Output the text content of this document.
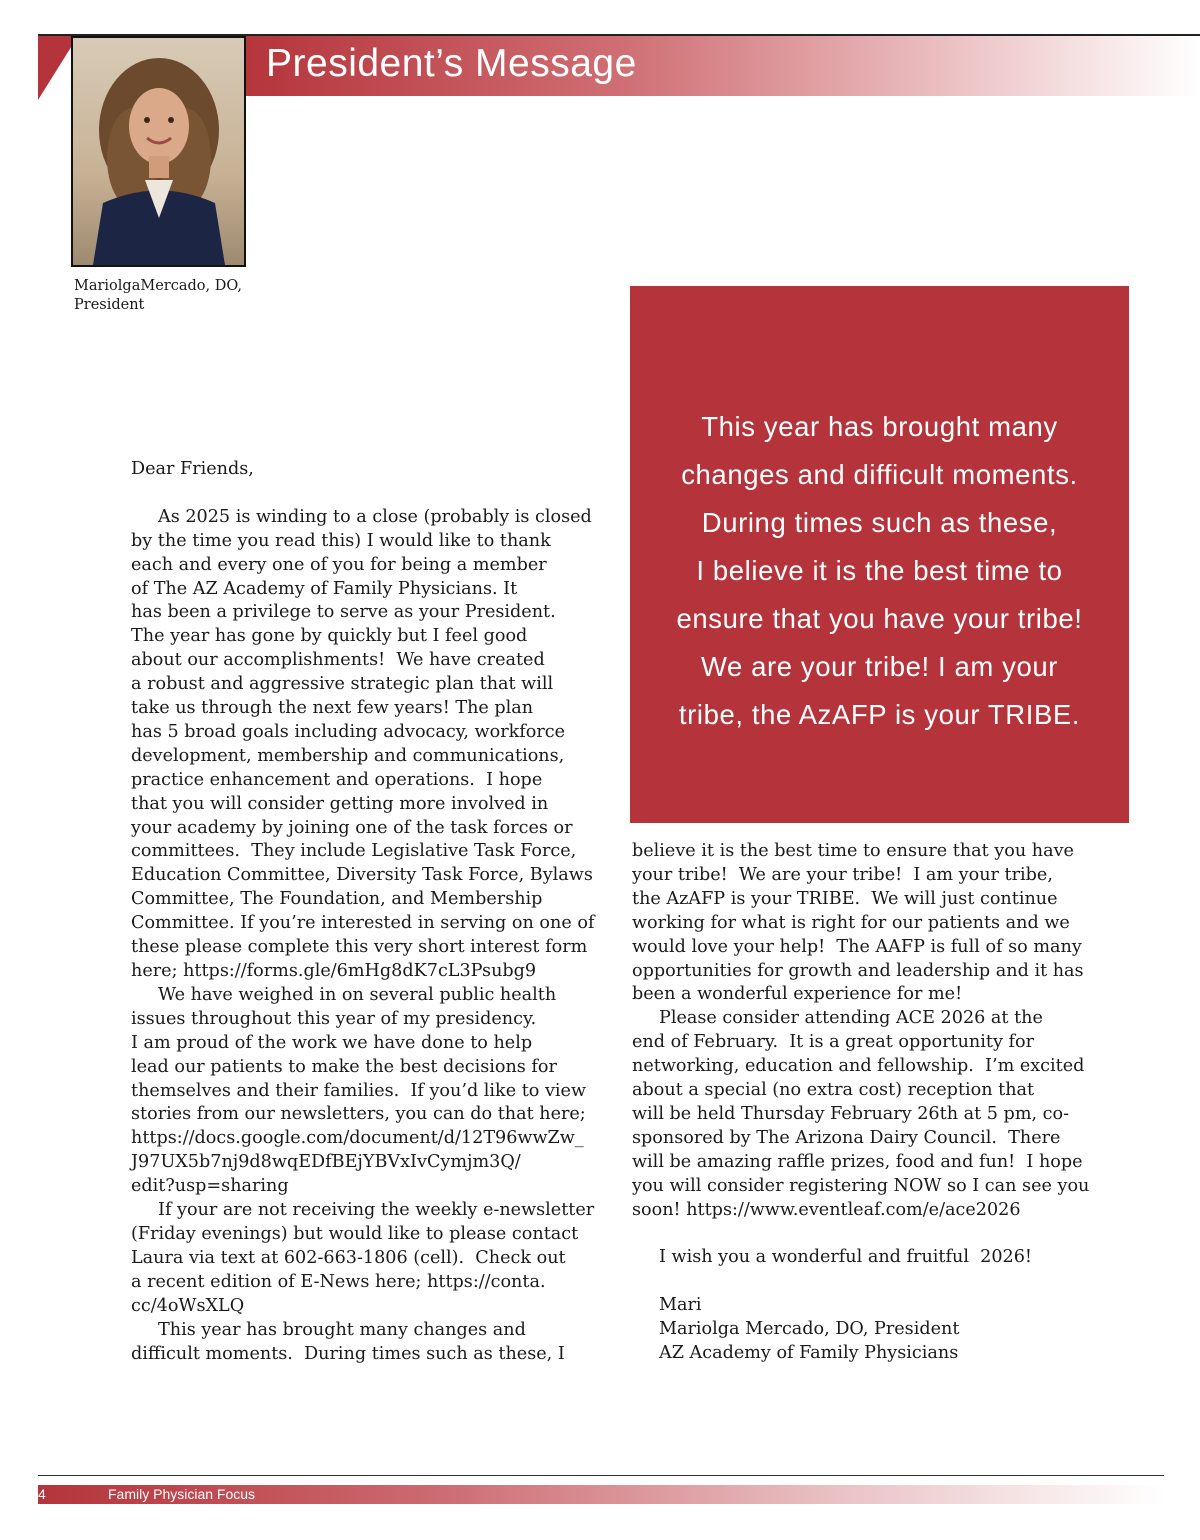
President’s Message
MariolgaMercado, DO,
President
This year has brought many
changes and difficult moments.
During times such as these,
I believe it is the best time to
ensure that you have your tribe!
We are your tribe! I am your
tribe, the AzAFP is your TRIBE.
Dear Friends,
As 2025 is winding to a close (probably is closed
by the time you read this) I would like to thank
each and every one of you for being a member
of The AZ Academy of Family Physicians. It
has been a privilege to serve as your President.
The year has gone by quickly but I feel good
about our accomplishments!  We have created
a robust and aggressive strategic plan that will
take us through the next few years! The plan
has 5 broad goals including advocacy, workforce
development, membership and communications,
practice enhancement and operations.  I hope
that you will consider getting more involved in
your academy by joining one of the task forces or
committees.  They include Legislative Task Force,
Education Committee, Diversity Task Force, Bylaws
Committee, The Foundation, and Membership
Committee. If you’re interested in serving on one of
these please complete this very short interest form
here; https://forms.gle/6mHg8dK7cL3Psubg9
We have weighed in on several public health
issues throughout this year of my presidency.
I am proud of the work we have done to help
lead our patients to make the best decisions for
themselves and their families.  If you’d like to view
stories from our newsletters, you can do that here;
https://docs.google.com/document/d/12T96wwZw_
J97UX5b7nj9d8wqEDfBEjYBVxIvCymjm3Q/
edit?usp=sharing
If your are not receiving the weekly e-newsletter
(Friday evenings) but would like to please contact
Laura via text at 602-663-1806 (cell).  Check out
a recent edition of E-News here; https://conta.
cc/4oWsXLQ
This year has brought many changes and
difficult moments.  During times such as these, I
believe it is the best time to ensure that you have
your tribe!  We are your tribe!  I am your tribe,
the AzAFP is your TRIBE.  We will just continue
working for what is right for our patients and we
would love your help!  The AAFP is full of so many
opportunities for growth and leadership and it has
been a wonderful experience for me!
Please consider attending ACE 2026 at the
end of February.  It is a great opportunity for
networking, education and fellowship.  I’m excited
about a special (no extra cost) reception that
will be held Thursday February 26th at 5 pm, co-
sponsored by The Arizona Dairy Council.  There
will be amazing raffle prizes, food and fun!  I hope
you will consider registering NOW so I can see you
soon! https://www.eventleaf.com/e/ace2026
I wish you a wonderful and fruitful  2026!
Mari
Mariolga Mercado, DO, President
AZ Academy of Family Physicians
4	Family Physician Focus
